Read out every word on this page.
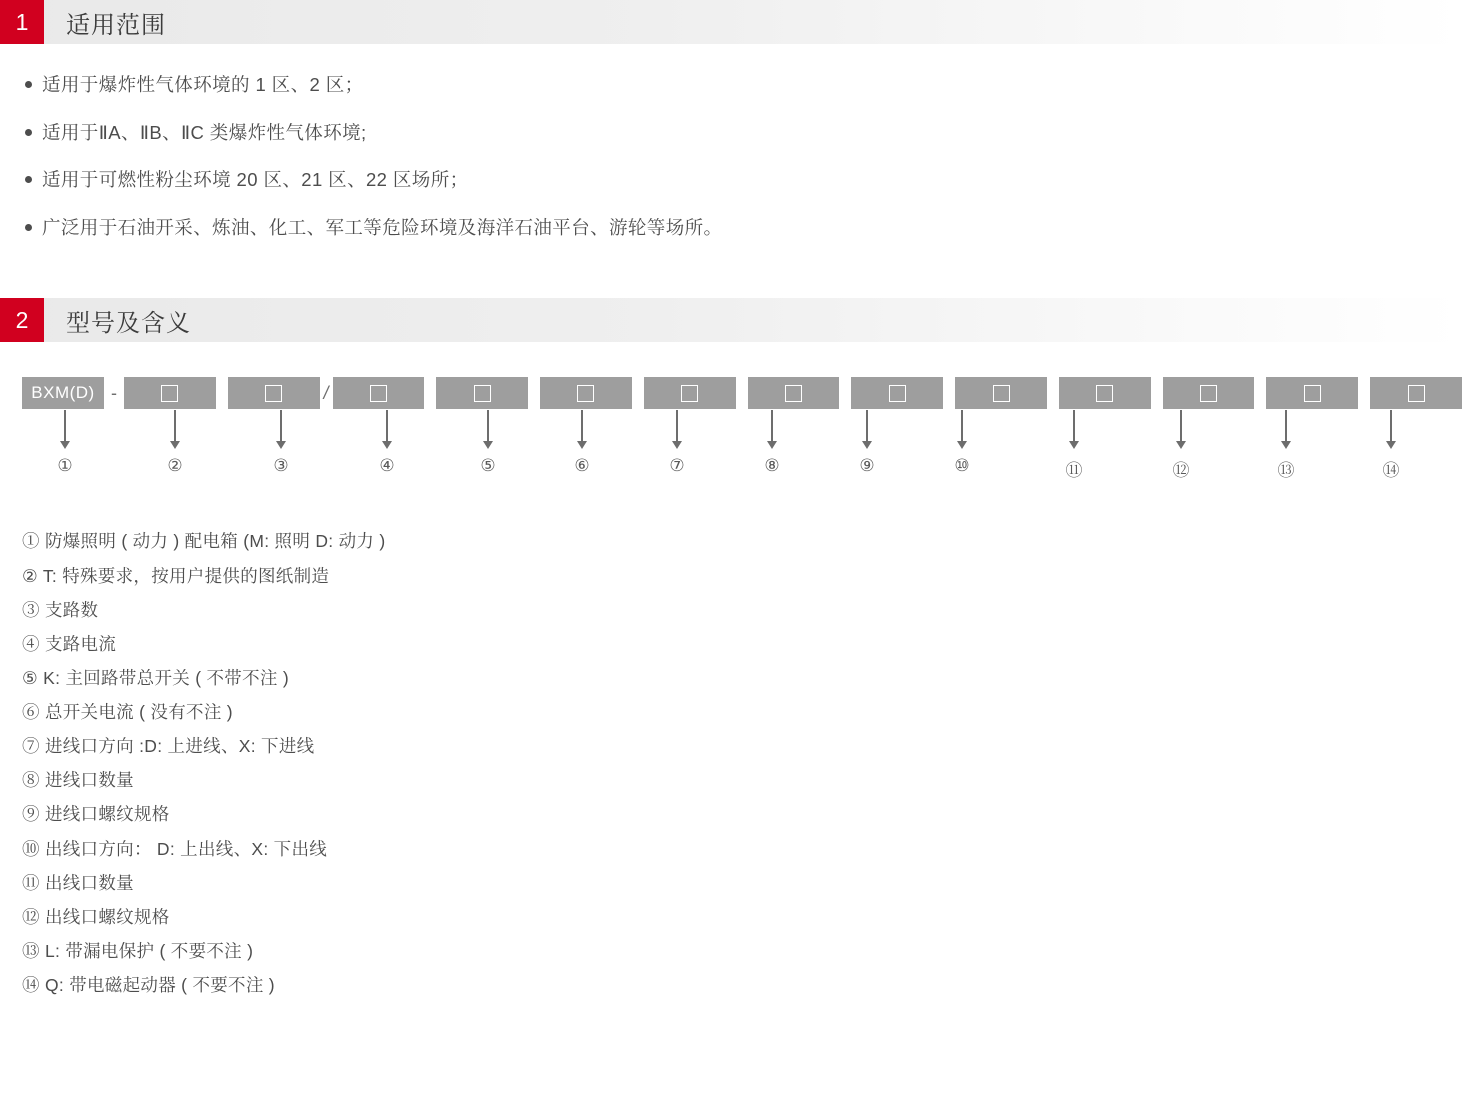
1	适用范围
适用于爆炸性气体环境的 1 区、2 区；
适用于ⅡA、ⅡB、ⅡC 类爆炸性气体环境;
适用于可燃性粉尘环境 20 区、21 区、22 区场所；
广泛用于石油开采、炼油、化工、军工等危险环境及海洋石油平台、游轮等场所。
2	型号及含义
BXM(D) -	/
①	②	③	④	⑤	⑥	⑦	⑧	⑨	⑩	⑪	⑫	⑬	⑭
① 防爆照明 ( 动力 ) 配电箱 (M: 照明 D: 动力 )
② T: 特殊要求，按用户提供的图纸制造
③ 支路数
④ 支路电流
⑤ K: 主回路带总开关 ( 不带不注 )
⑥ 总开关电流 ( 没有不注 )
⑦ 进线口方向 :D: 上进线、X: 下进线
⑧ 进线口数量
⑨ 进线口螺纹规格
⑩ 出线口方向： D: 上出线、X: 下出线
⑪ 出线口数量
⑫ 出线口螺纹规格
⑬ L: 带漏电保护 ( 不要不注 )
⑭ Q: 带电磁起动器 ( 不要不注 )
